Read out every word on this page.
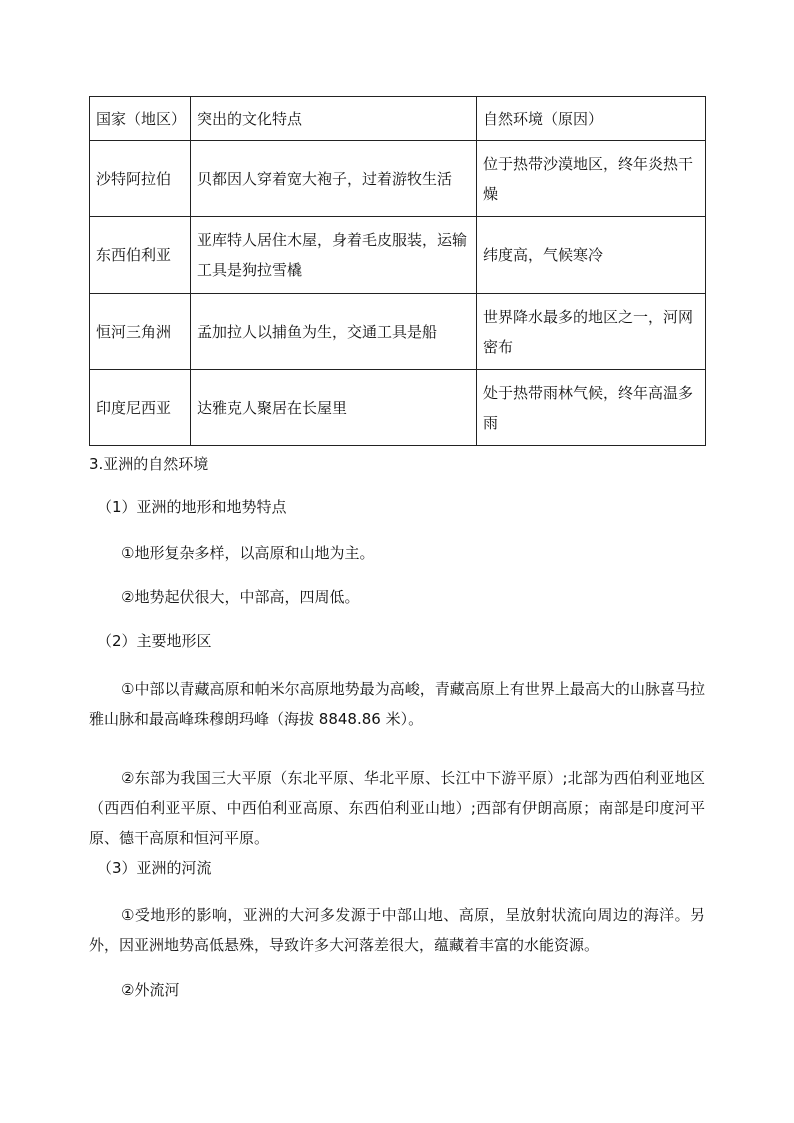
国家（地区）	突出的文化特点	自然环境（原因）
沙特阿拉伯	贝都因人穿着宽大袍子，过着游牧生活	位于热带沙漠地区，终年炎热干燥
东西伯利亚	亚库特人居住木屋，身着毛皮服装，运输工具是狗拉雪橇	纬度高，气候寒冷
恒河三角洲	孟加拉人以捕鱼为生，交通工具是船	世界降水最多的地区之一，河网密布
印度尼西亚	达雅克人聚居在长屋里	处于热带雨林气候，终年高温多雨
3.亚洲的自然环境
（1）亚洲的地形和地势特点
①地形复杂多样，以高原和山地为主。
②地势起伏很大，中部高，四周低。
（2）主要地形区
①中部以青藏高原和帕米尔高原地势最为高峻，青藏高原上有世界上最高大的山脉喜马拉雅山脉和最高峰珠穆朗玛峰（海拔 8848.86 米）。
②东部为我国三大平原（东北平原、华北平原、长江中下游平原）;北部为西伯利亚地区（西西伯利亚平原、中西伯利亚高原、东西伯利亚山地）;西部有伊朗高原；南部是印度河平原、德干高原和恒河平原。
（3）亚洲的河流
①受地形的影响，亚洲的大河多发源于中部山地、高原，呈放射状流向周边的海洋。另外，因亚洲地势高低悬殊，导致许多大河落差很大，蕴藏着丰富的水能资源。
②外流河
